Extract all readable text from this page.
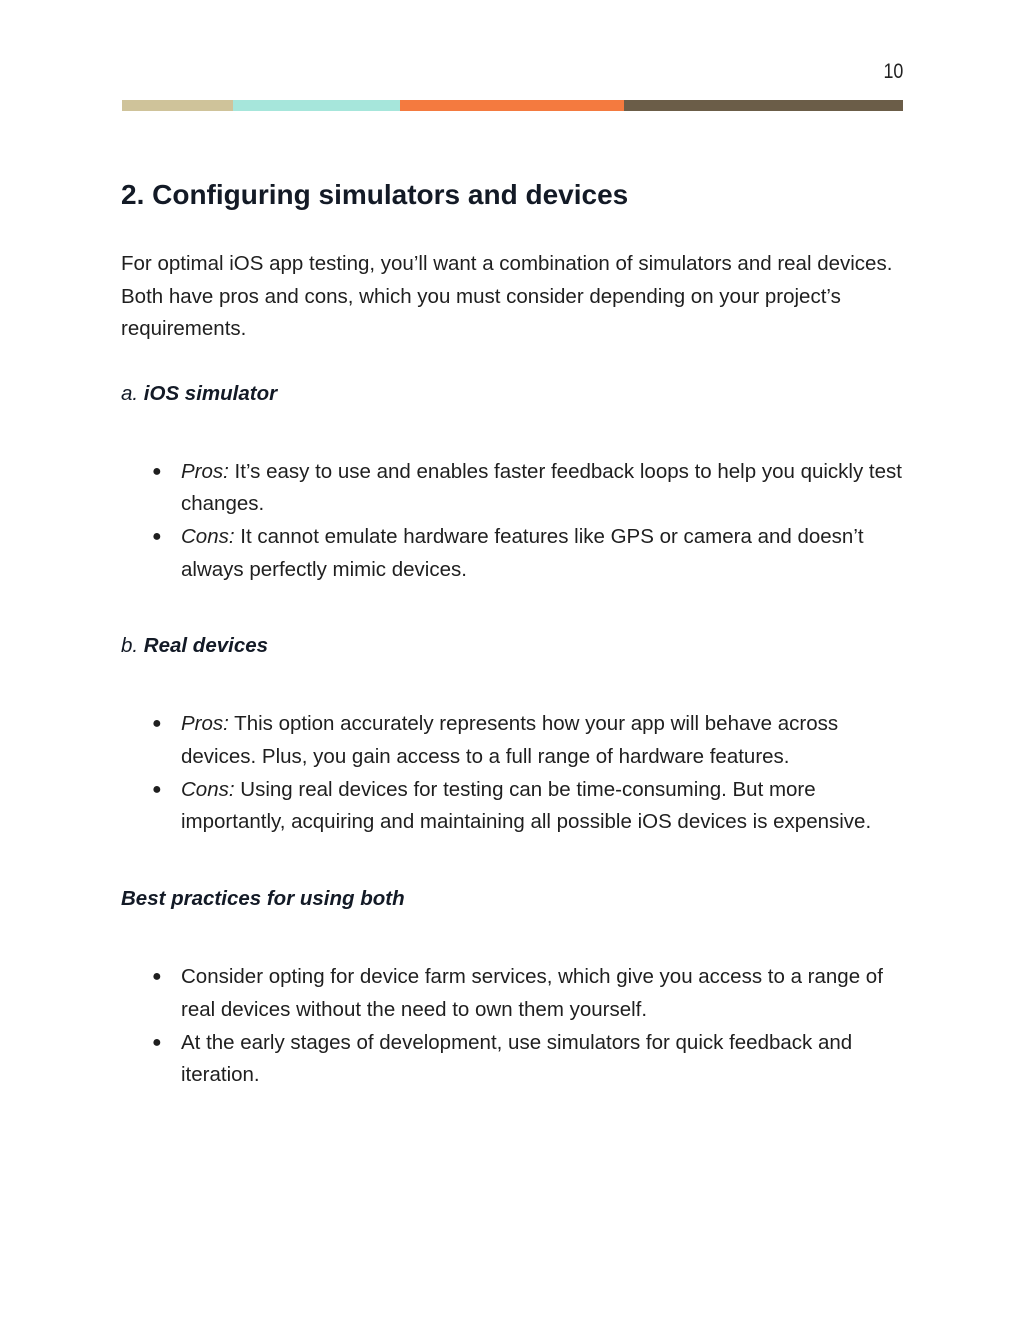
10
2. Configuring simulators and devices

For optimal iOS app testing, you’ll want a combination of simulators and real devices. Both have pros and cons, which you must consider depending on your project’s requirements.

a. iOS simulator
● Pros: It’s easy to use and enables faster feedback loops to help you quickly test changes.
● Cons: It cannot emulate hardware features like GPS or camera and doesn’t always perfectly mimic devices.
b. Real devices
● Pros: This option accurately represents how your app will behave across devices. Plus, you gain access to a full range of hardware features.
● Cons: Using real devices for testing can be time-consuming. But more importantly, acquiring and maintaining all possible iOS devices is expensive.
Best practices for using both
● Consider opting for device farm services, which give you access to a range of real devices without the need to own them yourself.
● At the early stages of development, use simulators for quick feedback and iteration.
